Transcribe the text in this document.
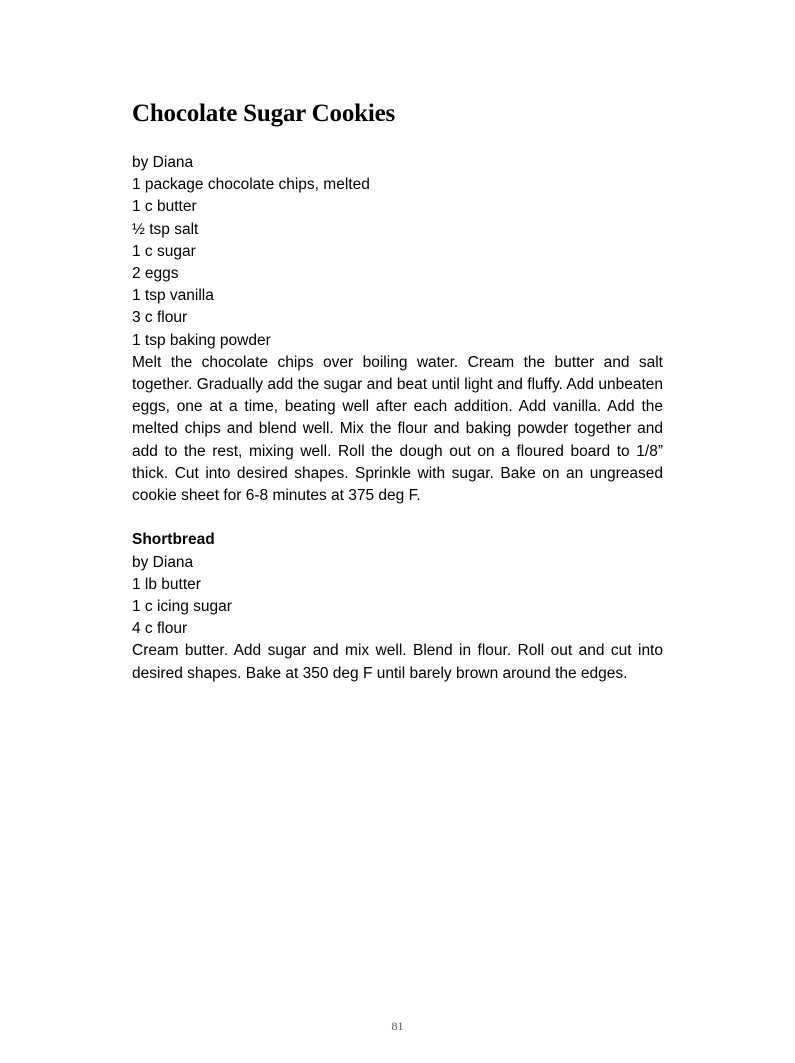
Chocolate Sugar Cookies

by Diana

1 package chocolate chips, melted

1 c butter

½ tsp salt

1 c sugar

2 eggs

1 tsp vanilla

3 c flour

1 tsp baking powder

Melt the chocolate chips over boiling water. Cream the butter and salt together. Gradually add the sugar and beat until light and fluffy. Add unbeaten eggs, one at a time, beating well after each addition. Add vanilla. Add the melted chips and blend well. Mix the flour and baking powder together and add to the rest, mixing well. Roll the dough out on a floured board to 1/8” thick. Cut into desired shapes. Sprinkle with sugar. Bake on an ungreased cookie sheet for 6-8 minutes at 375 deg F.

Shortbread

by Diana

1 lb butter

1 c icing sugar

4 c flour

Cream butter. Add sugar and mix well. Blend in flour. Roll out and cut into desired shapes. Bake at 350 deg F until barely brown around the edges.

81
